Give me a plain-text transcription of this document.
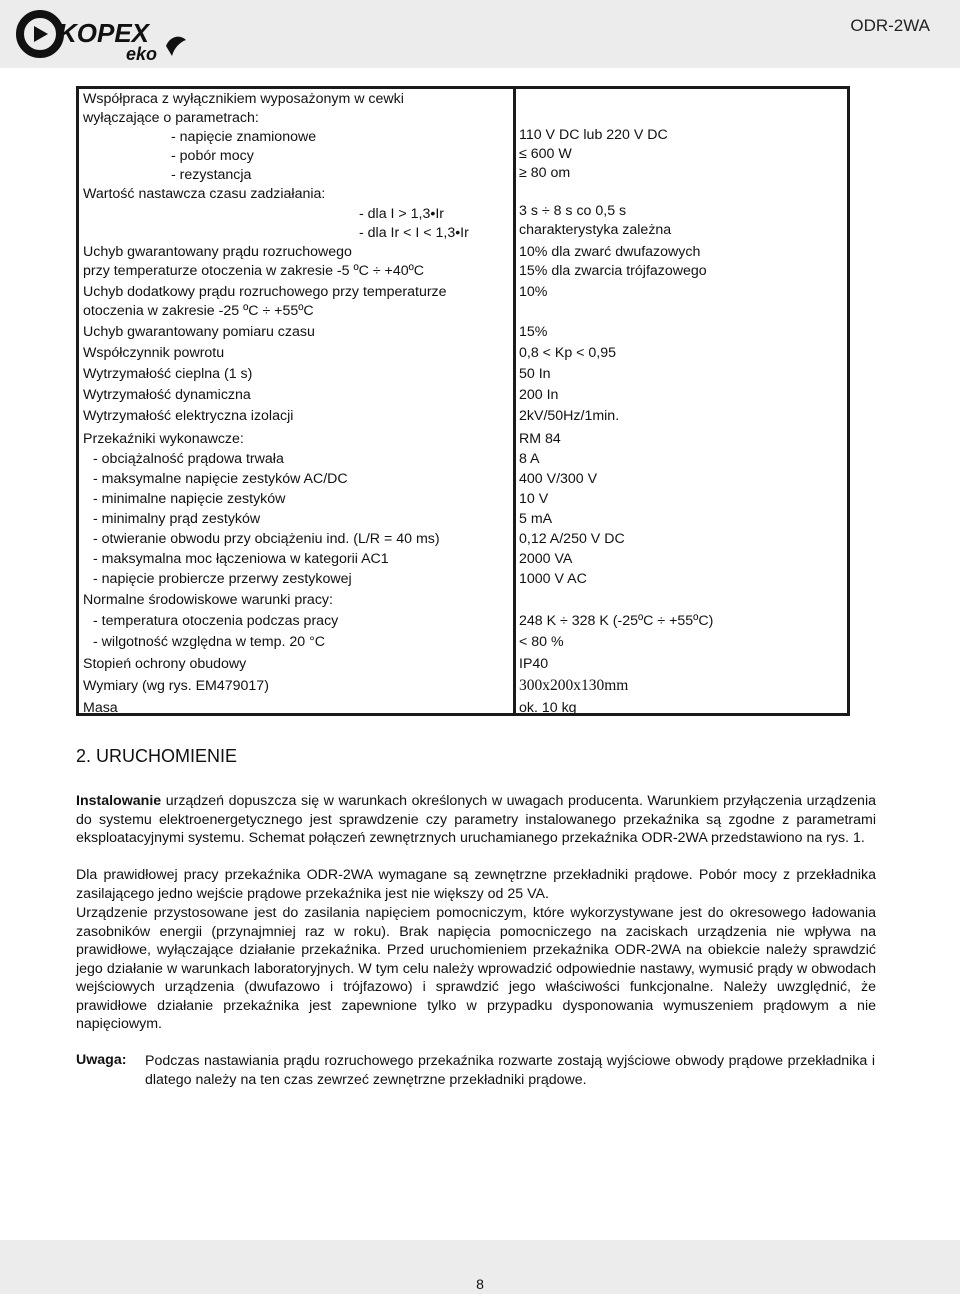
KOPEX
eko
ODR-2WA
Współpraca z wyłącznikiem wyposażonym w cewki
wyłączające o parametrach:
- napięcie znamionowe
- pobór mocy
- rezystancja
Wartość nastawcza czasu zadziałania:
- dla I > 1,3•Ir
- dla Ir < I < 1,3•Ir
Uchyb gwarantowany prądu rozruchowego
przy temperaturze otoczenia w zakresie -5 ºC ÷ +40ºC
Uchyb dodatkowy prądu rozruchowego przy temperaturze
otoczenia w zakresie -25 ºC ÷ +55ºC
Uchyb gwarantowany pomiaru czasu
Współczynnik powrotu
Wytrzymałość cieplna (1 s)
Wytrzymałość dynamiczna
Wytrzymałość elektryczna izolacji
Przekaźniki wykonawcze:
- obciążalność prądowa trwała
- maksymalne napięcie zestyków AC/DC
- minimalne napięcie zestyków
- minimalny prąd zestyków
- otwieranie obwodu przy obciążeniu ind. (L/R = 40 ms)
- maksymalna moc łączeniowa w kategorii AC1
- napięcie probiercze przerwy zestykowej
Normalne środowiskowe warunki pracy:
- temperatura otoczenia podczas pracy
- wilgotność względna w temp. 20 °C
Stopień ochrony obudowy
Wymiary (wg rys. EM479017)
Masa
110 V DC lub 220 V DC
≤ 600 W
≥ 80 om
3 s ÷ 8 s co 0,5 s
charakterystyka zależna
10% dla zwarć dwufazowych
15% dla zwarcia trójfazowego
10%
15%
0,8 < Kp < 0,95
50 In
200 In
2kV/50Hz/1min.
RM 84
8 A
400 V/300 V
10 V
5 mA
0,12 A/250 V DC
2000 VA
1000 V AC
248 K ÷ 328 K (-25ºC ÷ +55ºC)
< 80 %
IP40
300x200x130mm
ok. 10 kg
2. URUCHOMIENIE
Instalowanie urządzeń dopuszcza się w warunkach określonych w uwagach producenta. Warunkiem przyłączenia urządzenia do systemu elektroenergetycznego jest sprawdzenie czy parametry instalowanego przekaźnika są zgodne z parametrami eksploatacyjnymi systemu. Schemat połączeń zewnętrznych uruchamianego przekaźnika ODR-2WA przedstawiono na rys. 1.
Dla prawidłowej pracy przekaźnika ODR-2WA wymagane są zewnętrzne przekładniki prądowe. Pobór mocy z przekładnika zasilającego jedno wejście prądowe przekaźnika jest nie większy od 25 VA.
Urządzenie przystosowane jest do zasilania napięciem pomocniczym, które wykorzystywane jest do okresowego ładowania zasobników energii (przynajmniej raz w roku). Brak napięcia pomocniczego na zaciskach urządzenia nie wpływa na prawidłowe, wyłączające działanie przekaźnika. Przed uruchomieniem przekaźnika ODR-2WA na obiekcie należy sprawdzić jego działanie w warunkach laboratoryjnych. W tym celu należy wprowadzić odpowiednie nastawy, wymusić prądy w obwodach wejściowych urządzenia (dwufazowo i trójfazowo) i sprawdzić jego właściwości funkcjonalne. Należy uwzględnić, że prawidłowe działanie przekaźnika jest zapewnione tylko w przypadku dysponowania wymuszeniem prądowym a nie napięciowym.
Uwaga: Podczas nastawiania prądu rozruchowego przekaźnika rozwarte zostają wyjściowe obwody prądowe przekładnika i dlatego należy na ten czas zewrzeć zewnętrzne przekładniki prądowe.
8
